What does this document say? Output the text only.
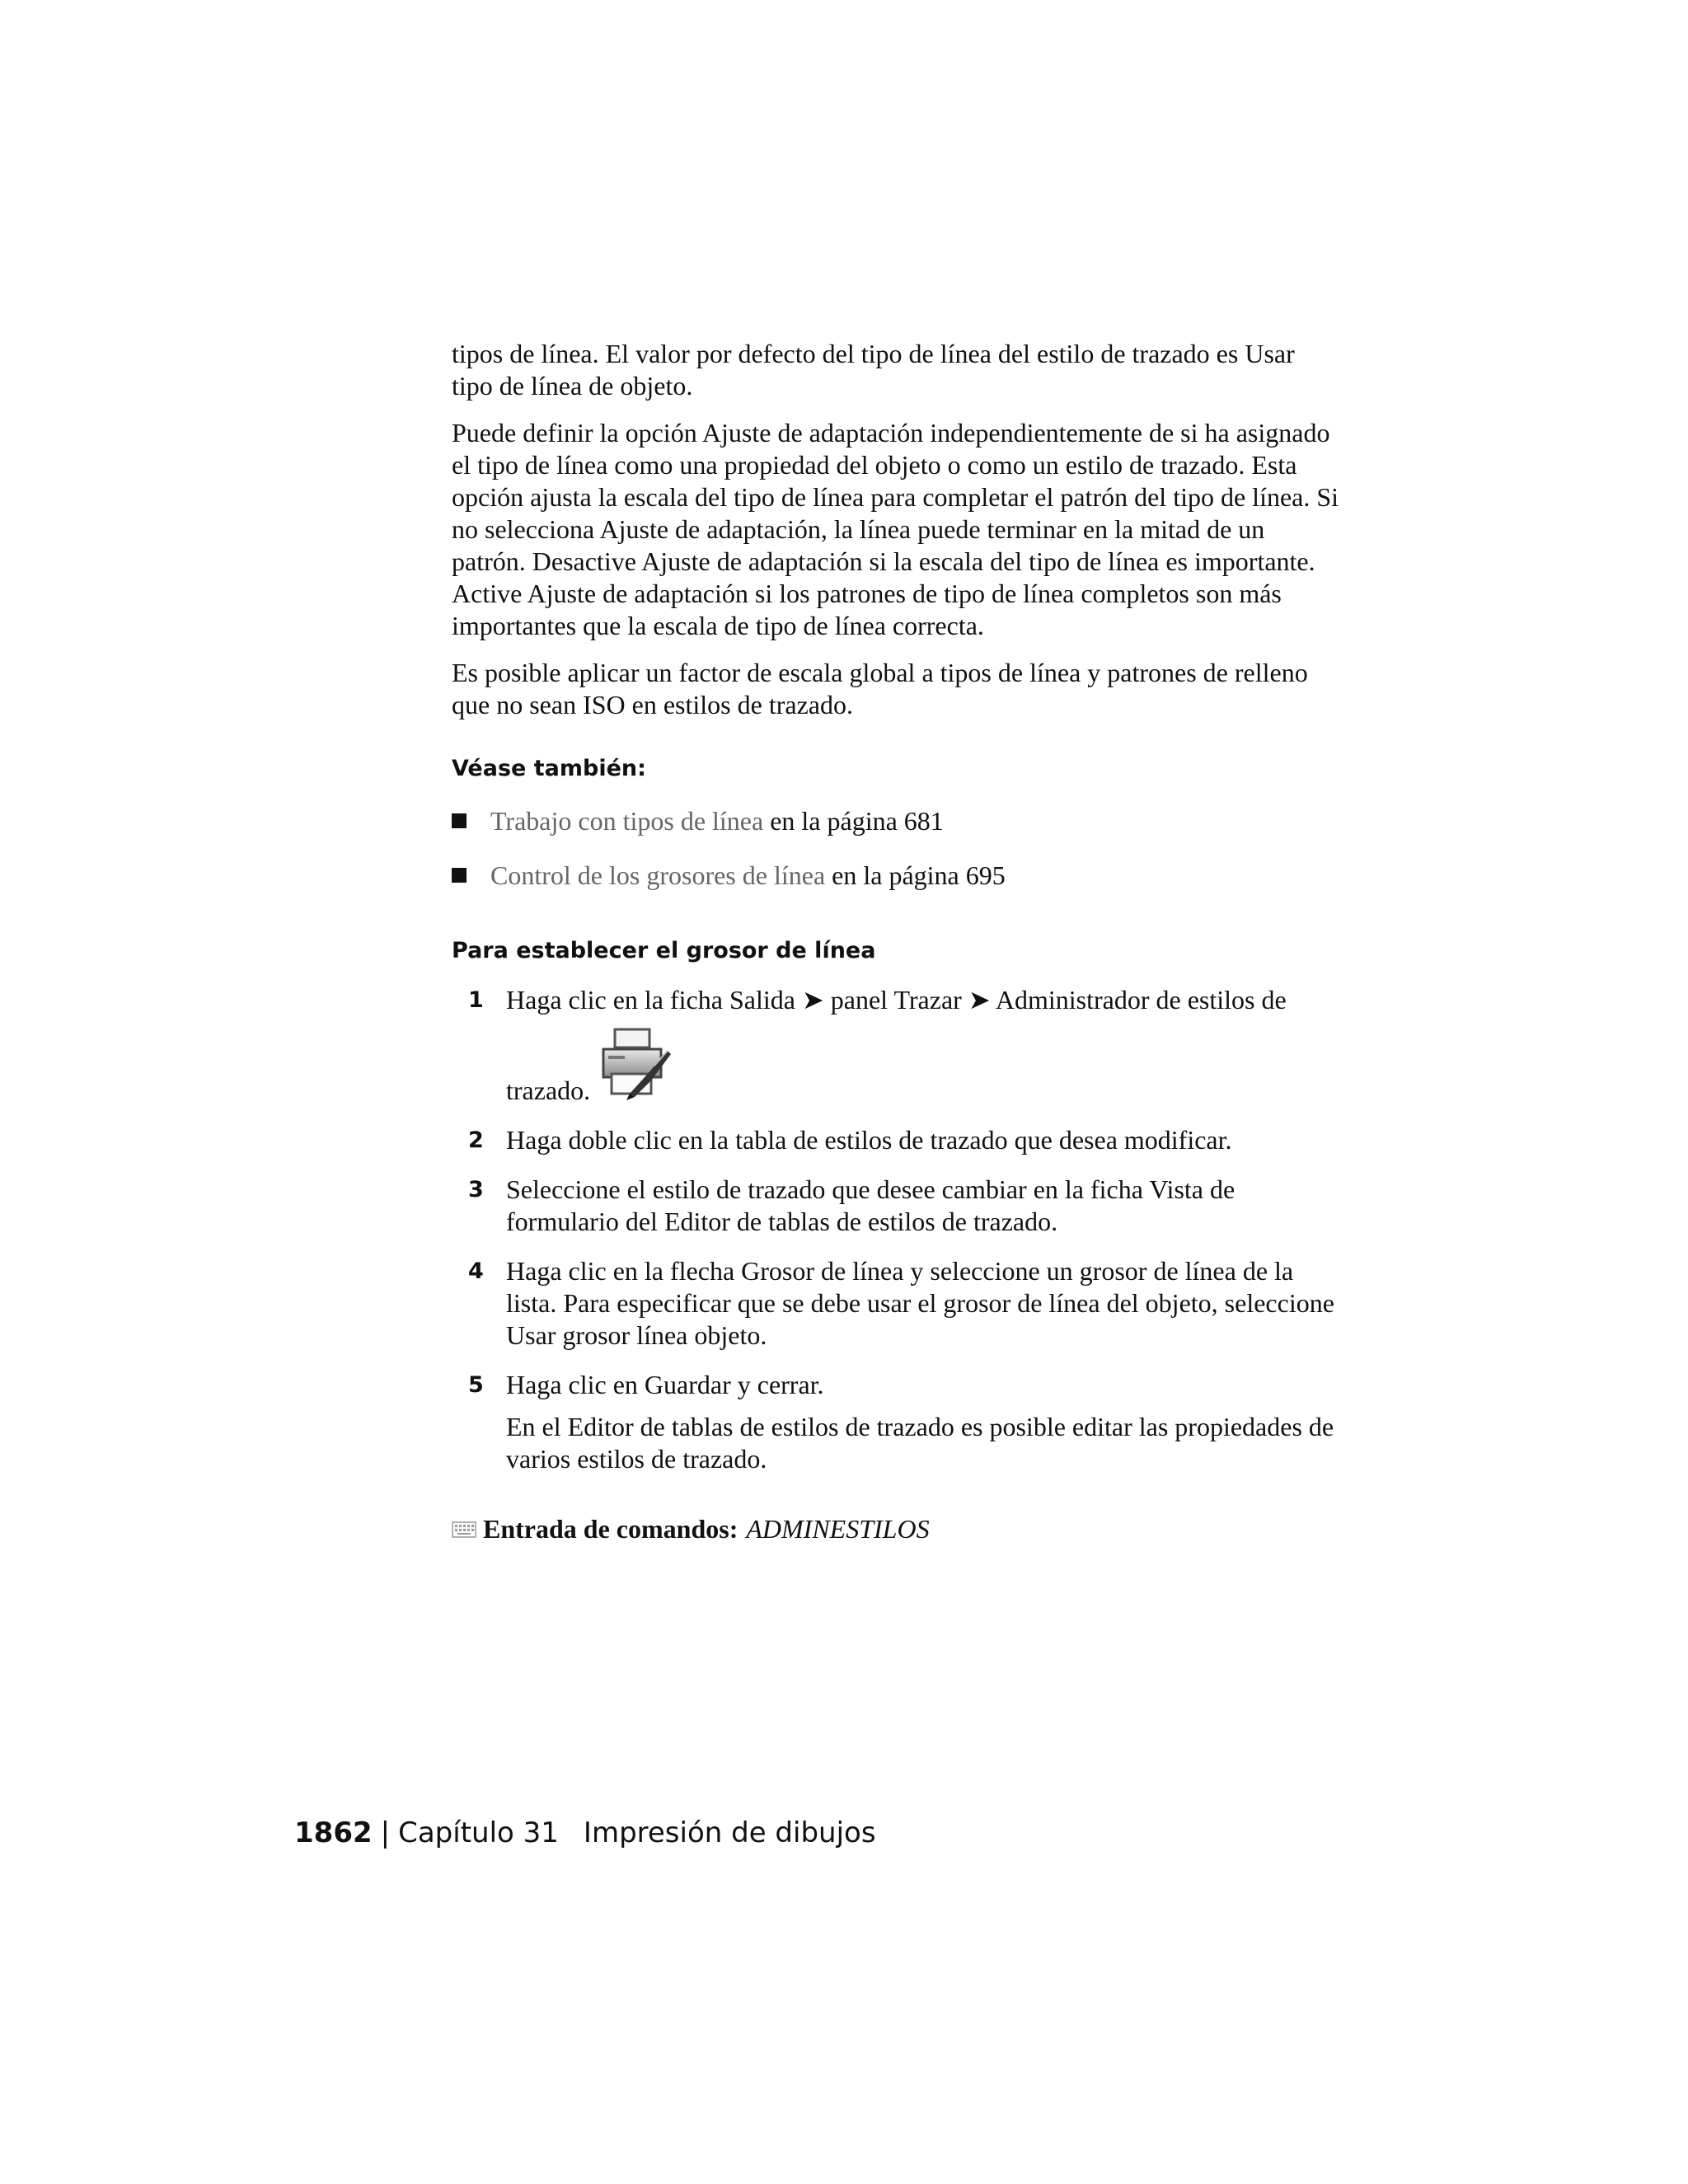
tipos de línea. El valor por defecto del tipo de línea del estilo de trazado es Usar tipo de línea de objeto.

Puede definir la opción Ajuste de adaptación independientemente de si ha asignado el tipo de línea como una propiedad del objeto o como un estilo de trazado. Esta opción ajusta la escala del tipo de línea para completar el patrón del tipo de línea. Si no selecciona Ajuste de adaptación, la línea puede terminar en la mitad de un patrón. Desactive Ajuste de adaptación si la escala del tipo de línea es importante. Active Ajuste de adaptación si los patrones de tipo de línea completos son más importantes que la escala de tipo de línea correcta.

Es posible aplicar un factor de escala global a tipos de línea y patrones de relleno que no sean ISO en estilos de trazado.

Véase también:
Trabajo con tipos de línea en la página 681
Control de los grosores de línea en la página 695
Para establecer el grosor de línea
1 Haga clic en la ficha Salida ➤ panel Trazar ➤ Administrador de estilos de
trazado.
2 Haga doble clic en la tabla de estilos de trazado que desea modificar.
3 Seleccione el estilo de trazado que desee cambiar en la ficha Vista de formulario del Editor de tablas de estilos de trazado.
4 Haga clic en la flecha Grosor de línea y seleccione un grosor de línea de la lista. Para especificar que se debe usar el grosor de línea del objeto, seleccione Usar grosor línea objeto.
5 Haga clic en Guardar y cerrar.
En el Editor de tablas de estilos de trazado es posible editar las propiedades de varios estilos de trazado.
Entrada de comandos: ADMINESTILOS
1862 | Capítulo 31 Impresión de dibujos
